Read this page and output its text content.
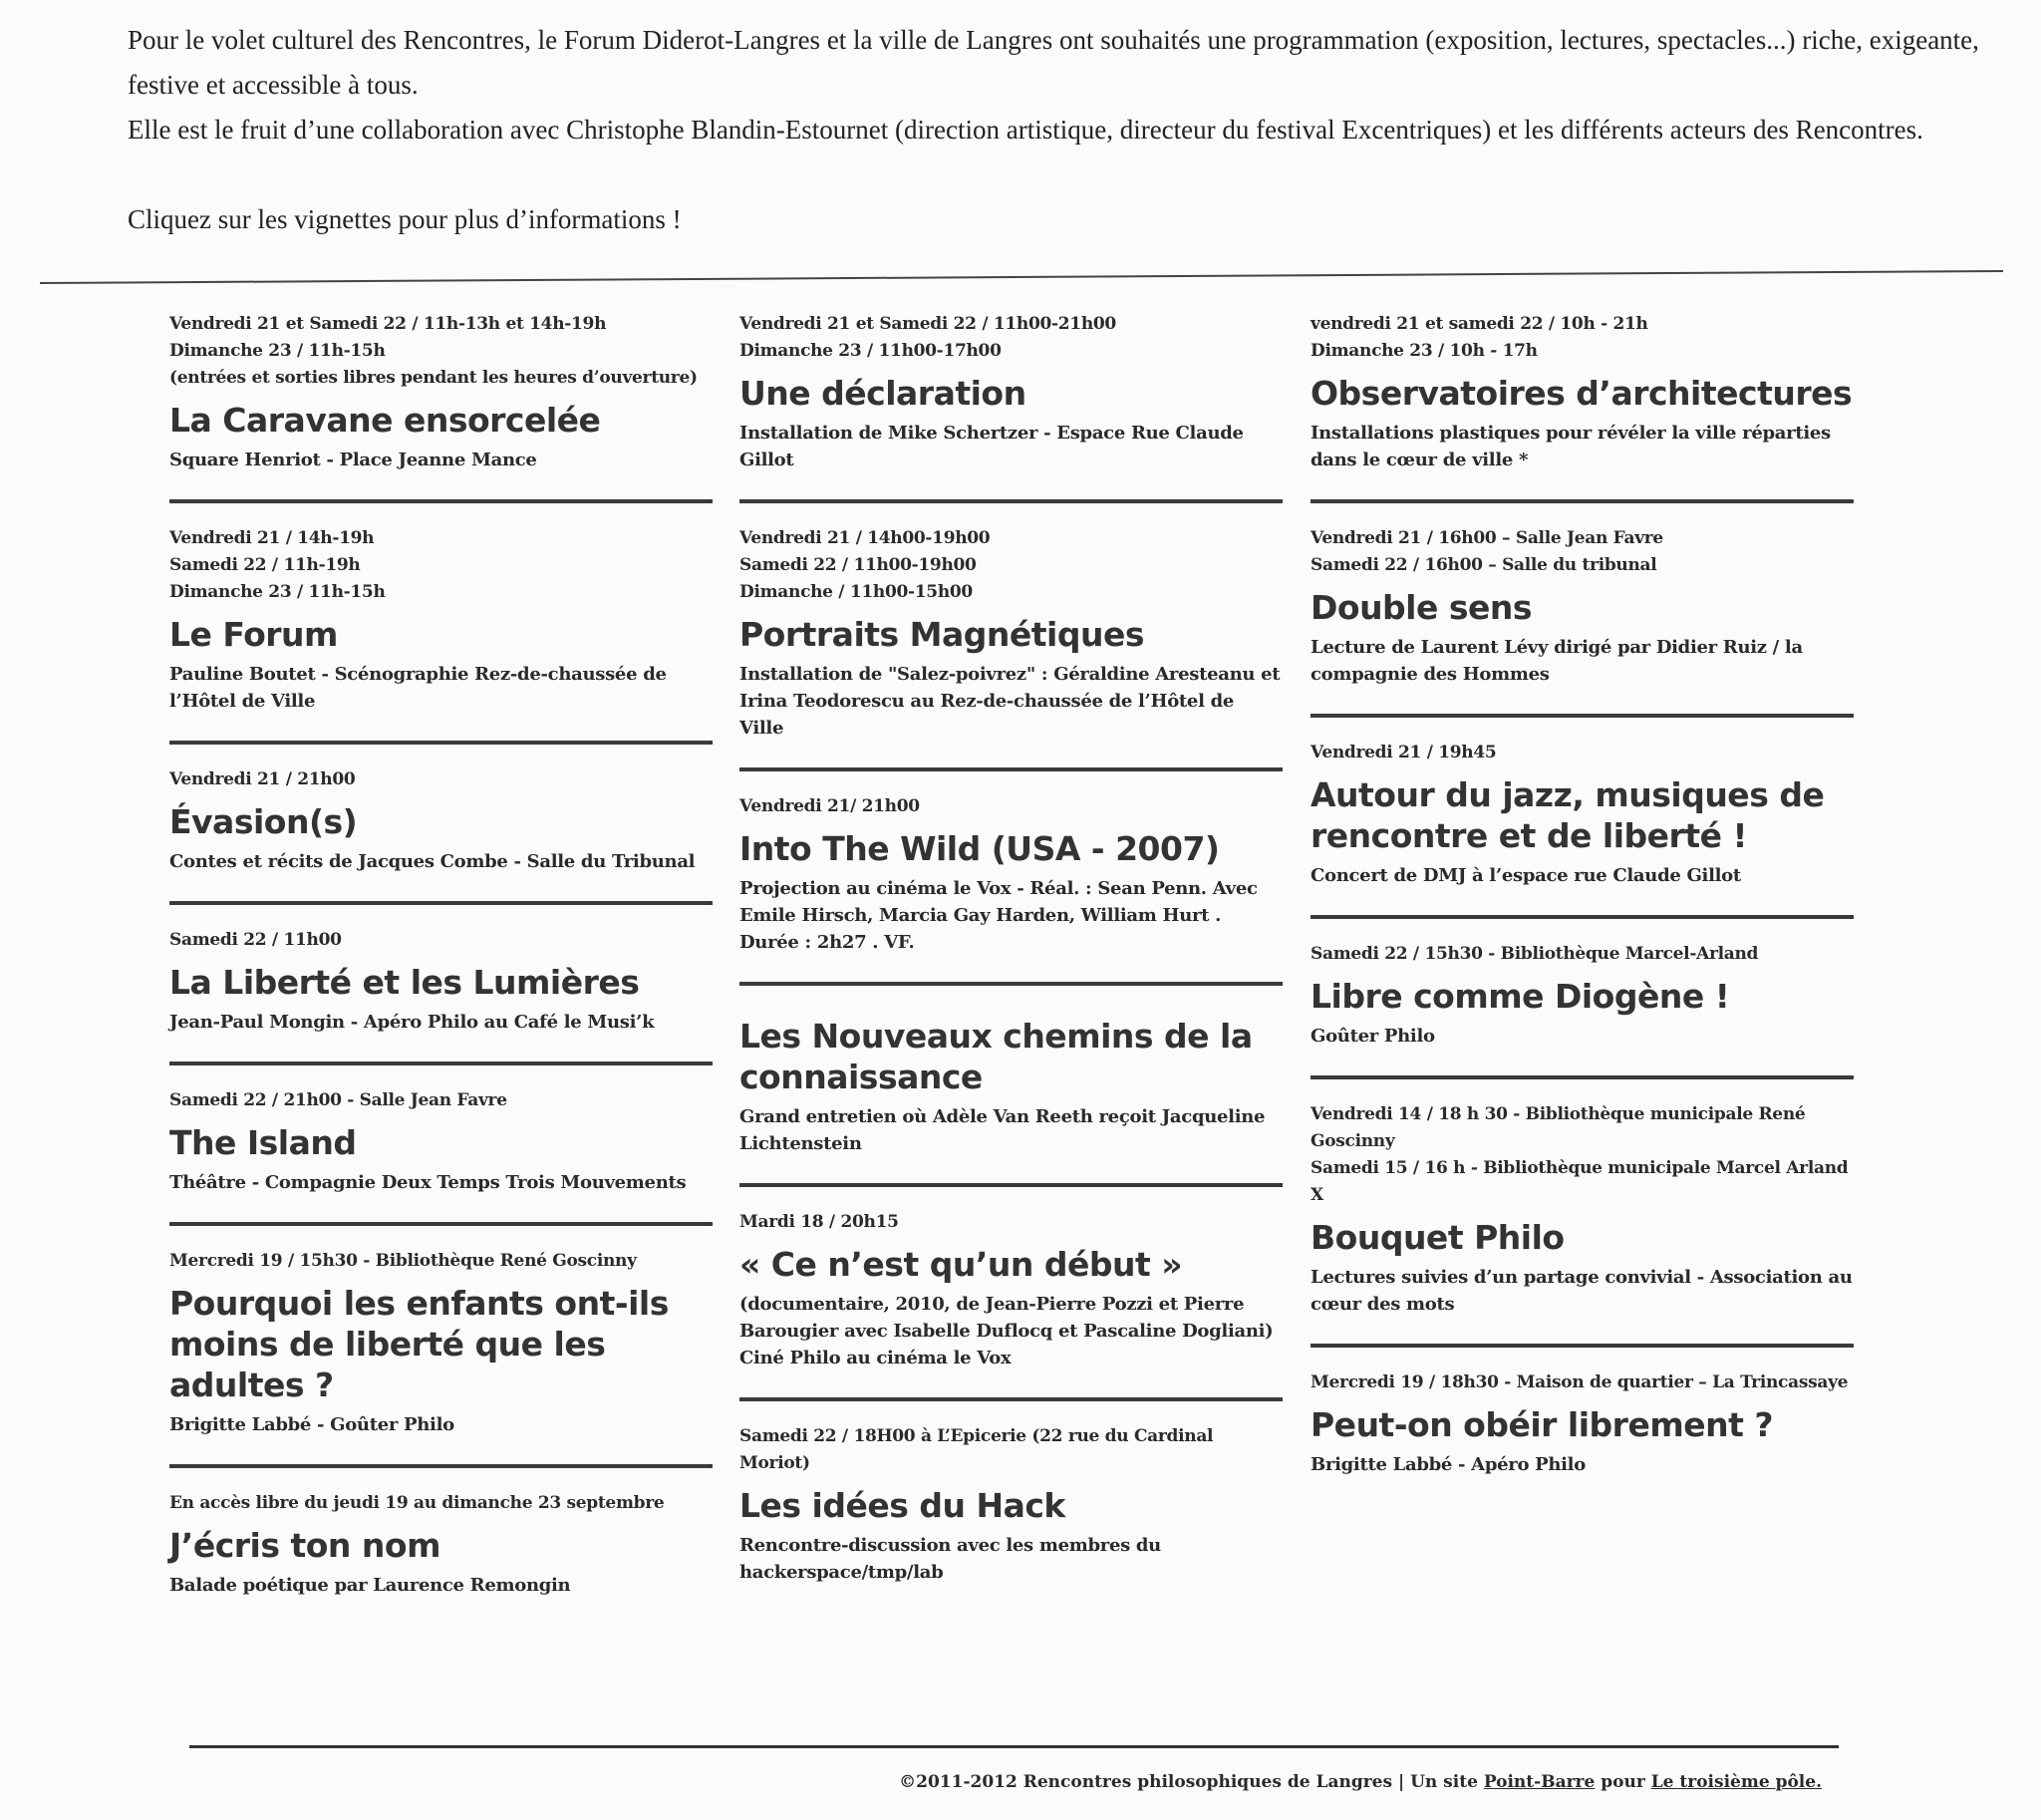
Pour le volet culturel des Rencontres, le Forum Diderot-Langres et la ville de Langres ont souhaités une programmation (exposition, lectures, spectacles...) riche, exigeante, festive et accessible à tous.

Elle est le fruit d’une collaboration avec Christophe Blandin-Estournet (direction artistique, directeur du festival Excentriques) et les différents acteurs des Rencontres.

Cliquez sur les vignettes pour plus d’informations !

Vendredi 21 et Samedi 22 / 11h-13h et 14h-19h
Dimanche 23 / 11h-15h
(entrées et sorties libres pendant les heures d’ouverture)
La Caravane ensorcelée
Square Henriot - Place Jeanne Mance
Vendredi 21 / 14h-19h
Samedi 22 / 11h-19h
Dimanche 23 / 11h-15h
Le Forum
Pauline Boutet - Scénographie Rez-de-chaussée de l’Hôtel de Ville
Vendredi 21 / 21h00
Évasion(s)
Contes et récits de Jacques Combe - Salle du Tribunal
Samedi 22 / 11h00
La Liberté et les Lumières
Jean-Paul Mongin - Apéro Philo au Café le Musi’k
Samedi 22 / 21h00 - Salle Jean Favre
The Island
Théâtre - Compagnie Deux Temps Trois Mouvements
Mercredi 19 / 15h30 - Bibliothèque René Goscinny
Pourquoi les enfants ont-ils moins de liberté que les adultes ?
Brigitte Labbé - Goûter Philo
En accès libre du jeudi 19 au dimanche 23 septembre
J’écris ton nom
Balade poétique par Laurence Remongin
Vendredi 21 et Samedi 22 / 11h00-21h00
Dimanche 23 / 11h00-17h00
Une déclaration
Installation de Mike Schertzer - Espace Rue Claude Gillot
Vendredi 21 / 14h00-19h00
Samedi 22 / 11h00-19h00
Dimanche / 11h00-15h00
Portraits Magnétiques
Installation de "Salez-poivrez" : Géraldine Aresteanu et Irina Teodorescu au Rez-de-chaussée de l’Hôtel de Ville
Vendredi 21/ 21h00
Into The Wild (USA - 2007)
Projection au cinéma le Vox - Réal. : Sean Penn. Avec Emile Hirsch, Marcia Gay Harden, William Hurt . Durée : 2h27 . VF.
Les Nouveaux chemins de la connaissance
Grand entretien où Adèle Van Reeth reçoit Jacqueline Lichtenstein
Mardi 18 / 20h15
« Ce n’est qu’un début »
(documentaire, 2010, de Jean-Pierre Pozzi et Pierre Barougier avec Isabelle Duflocq et Pascaline Dogliani) Ciné Philo au cinéma le Vox
Samedi 22 / 18H00 à L’Epicerie (22 rue du Cardinal Moriot)
Les idées du Hack
Rencontre-discussion avec les membres du hackerspace/tmp/lab
vendredi 21 et samedi 22 / 10h - 21h
Dimanche 23 / 10h - 17h
Observatoires d’architectures
Installations plastiques pour révéler la ville réparties dans le cœur de ville *
Vendredi 21 / 16h00 – Salle Jean Favre
Samedi 22 / 16h00 – Salle du tribunal
Double sens
Lecture de Laurent Lévy dirigé par Didier Ruiz / la compagnie des Hommes
Vendredi 21 / 19h45
Autour du jazz, musiques de rencontre et de liberté !
Concert de DMJ à l’espace rue Claude Gillot
Samedi 22 / 15h30 - Bibliothèque Marcel-Arland
Libre comme Diogène !
Goûter Philo
Vendredi 14 / 18 h 30 - Bibliothèque municipale René Goscinny
Samedi 15 / 16 h - Bibliothèque municipale Marcel Arland X
Bouquet Philo
Lectures suivies d’un partage convivial - Association au cœur des mots
Mercredi 19 / 18h30 - Maison de quartier – La Trincassaye
Peut-on obéir librement ?
Brigitte Labbé - Apéro Philo
©2011-2012 Rencontres philosophiques de Langres | Un site Point-Barre pour Le troisième pôle.
